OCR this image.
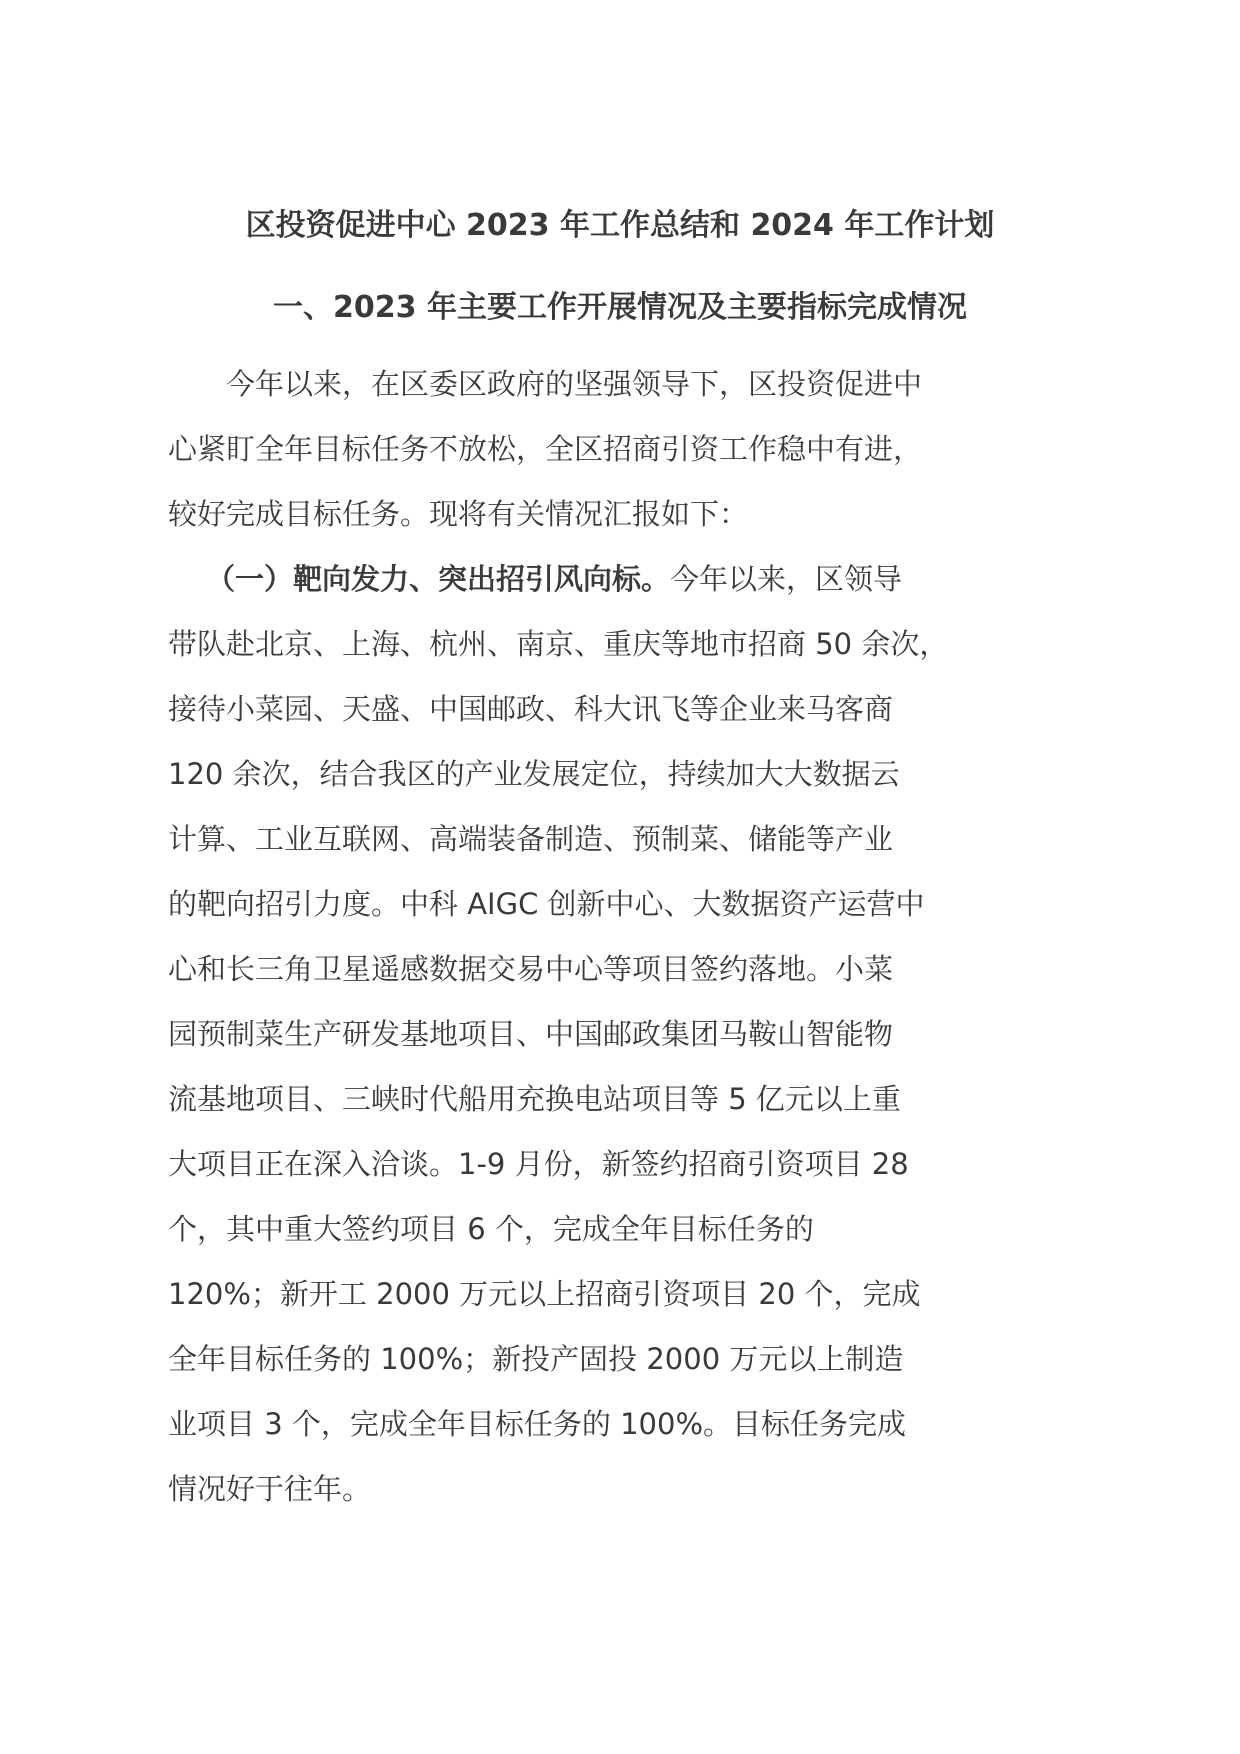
区投资促进中心 2023 年工作总结和 2024 年工作计划
一、2023 年主要工作开展情况及主要指标完成情况
今年以来，在区委区政府的坚强领导下，区投资促进中
心紧盯全年目标任务不放松，全区招商引资工作稳中有进，
较好完成目标任务。现将有关情况汇报如下：
（一）靶向发力、突出招引风向标。今年以来，区领导
带队赴北京、上海、杭州、南京、重庆等地市招商 50 余次，
接待小菜园、天盛、中国邮政、科大讯飞等企业来马客商
120 余次，结合我区的产业发展定位，持续加大大数据云
计算、工业互联网、高端装备制造、预制菜、储能等产业
的靶向招引力度。中科 AIGC 创新中心、大数据资产运营中
心和长三角卫星遥感数据交易中心等项目签约落地。小菜
园预制菜生产研发基地项目、中国邮政集团马鞍山智能物
流基地项目、三峡时代船用充换电站项目等 5 亿元以上重
大项目正在深入洽谈。1-9 月份，新签约招商引资项目 28
个，其中重大签约项目 6 个，完成全年目标任务的
120%；新开工 2000 万元以上招商引资项目 20 个，完成
全年目标任务的 100%；新投产固投 2000 万元以上制造
业项目 3 个，完成全年目标任务的 100%。目标任务完成
情况好于往年。
